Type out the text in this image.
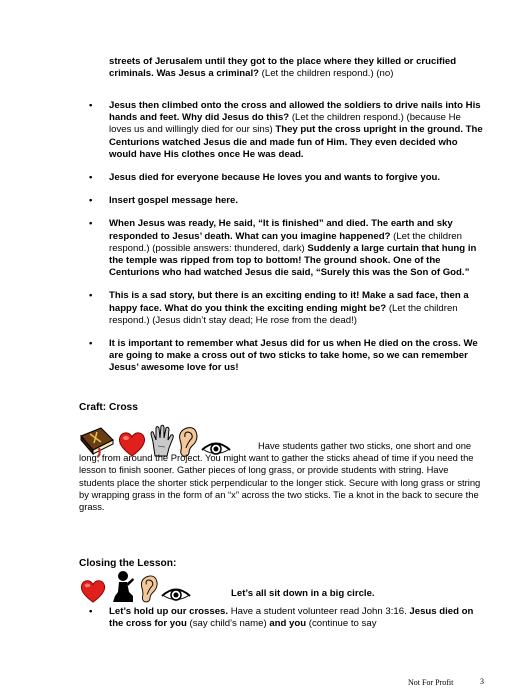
streets of Jerusalem until they got to the place where they killed or crucified criminals. Was Jesus a criminal? (Let the children respond.) (no)

• Jesus then climbed onto the cross and allowed the soldiers to drive nails into His hands and feet. Why did Jesus do this? (Let the children respond.) (because He loves us and willingly died for our sins) They put the cross upright in the ground. The Centurions watched Jesus die and made fun of Him. They even decided who would have His clothes once He was dead.
• Jesus died for everyone because He loves you and wants to forgive you.
• Insert gospel message here.
• When Jesus was ready, He said, “It is finished” and died. The earth and sky responded to Jesus’ death. What can you imagine happened? (Let the children respond.) (possible answers: thundered, dark) Suddenly a large curtain that hung in the temple was ripped from top to bottom! The ground shook. One of the Centurions who had watched Jesus die said, “Surely this was the Son of God.”
• This is a sad story, but there is an exciting ending to it! Make a sad face, then a happy face. What do you think the exciting ending might be? (Let the children respond.) (Jesus didn’t stay dead; He rose from the dead!)
• It is important to remember what Jesus did for us when He died on the cross. We are going to make a cross out of two sticks to take home, so we can remember Jesus’ awesome love for us!
Craft: Cross
Have students gather two sticks, one short and one long, from around the Project. You might want to gather the sticks ahead of time if you need the lesson to finish sooner. Gather pieces of long grass, or provide students with string. Have students place the shorter stick perpendicular to the longer stick. Secure with long grass or string by wrapping grass in the form of an “x” across the two sticks. Tie a knot in the back to secure the grass.
Closing the Lesson:
Let’s all sit down in a big circle.
• Let’s hold up our crosses. Have a student volunteer read John 3:16. Jesus died on the cross for you (say child’s name) and you (continue to say
Not For Profit	3
